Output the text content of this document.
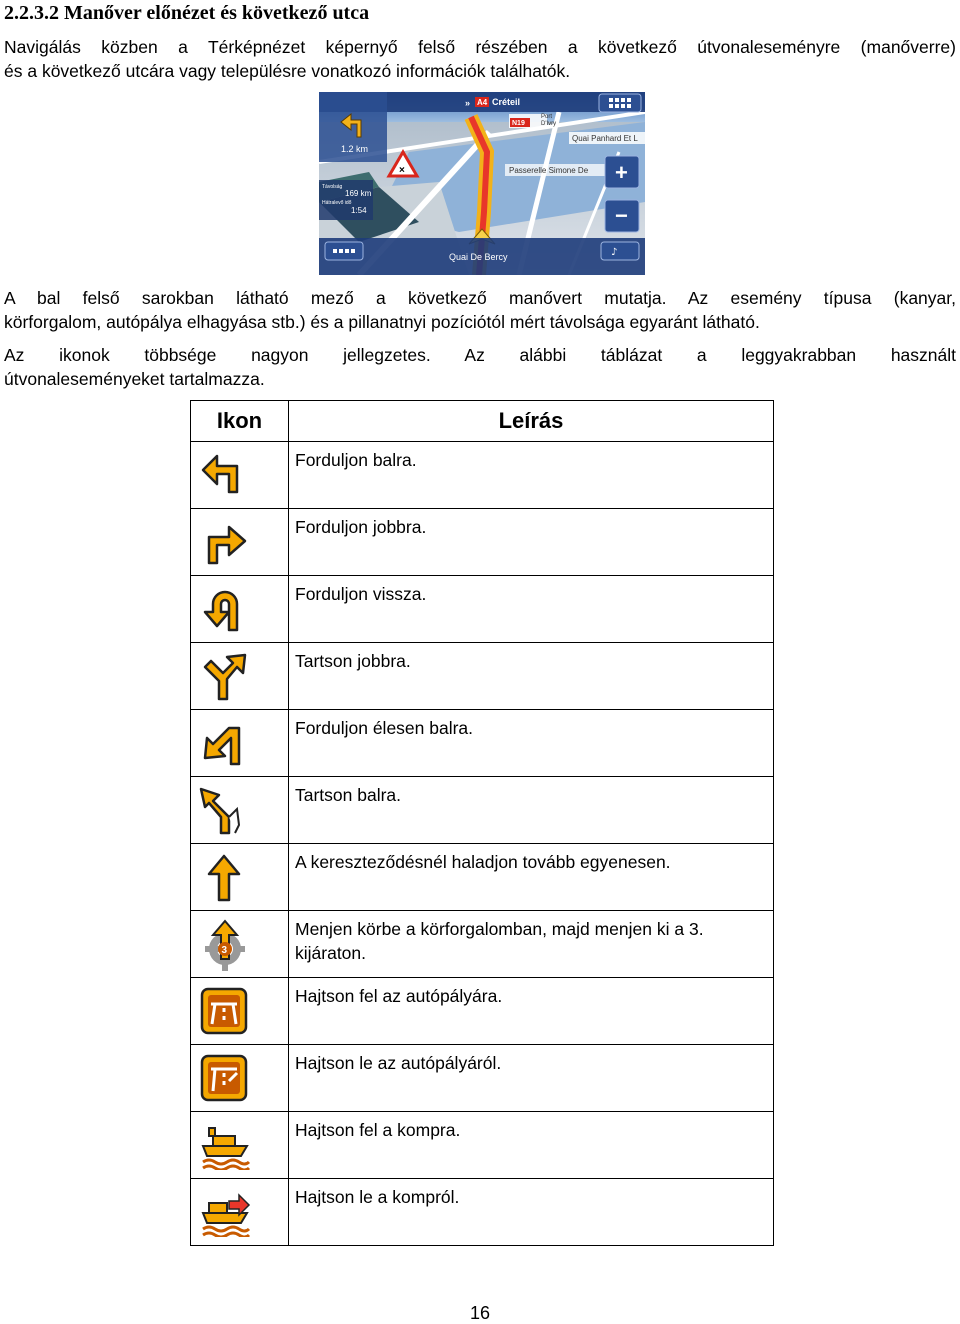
2.2.3.2 Manőver előnézet és következő utca
Navigálás közben a Térképnézet képernyő felső részében a következő útvonaleseményre (manőverre)
és a következő utcára vagy településre vonatkozó információk találhatók.
» A4 Créteil
1.2 km
Távolság
169 km
Hátralevő idő
1:54
×
Port
D'Ivry
N19
Quai Panhard Et L
Passerelle Simone De +
−
♪
Quai De Bercy
A bal felső sarokban látható mező a következő manővert mutatja. Az esemény típusa (kanyar,
körforgalom, autópálya elhagyása stb.) és a pillanatnyi pozíciótól mért távolsága egyaránt látható.
Az ikonok többsége nagyon jellegzetes. Az alábbi táblázat a leggyakrabban használt
útvonaleseményeket tartalmazza.
Ikon	Leírás

	Forduljon balra.

	Forduljon jobbra.

	Forduljon vissza.

	Tartson jobbra.

	Forduljon élesen balra.

	Tartson balra.

	A kereszteződésnél haladjon tovább egyenesen.

3	Menjen körbe a körforgalomban, majd menjen ki a 3. kijáraton.

	Hajtson fel az autópályára.

	Hajtson le az autópályáról.

	Hajtson fel a kompra.

	Hajtson le a kompról.
16
